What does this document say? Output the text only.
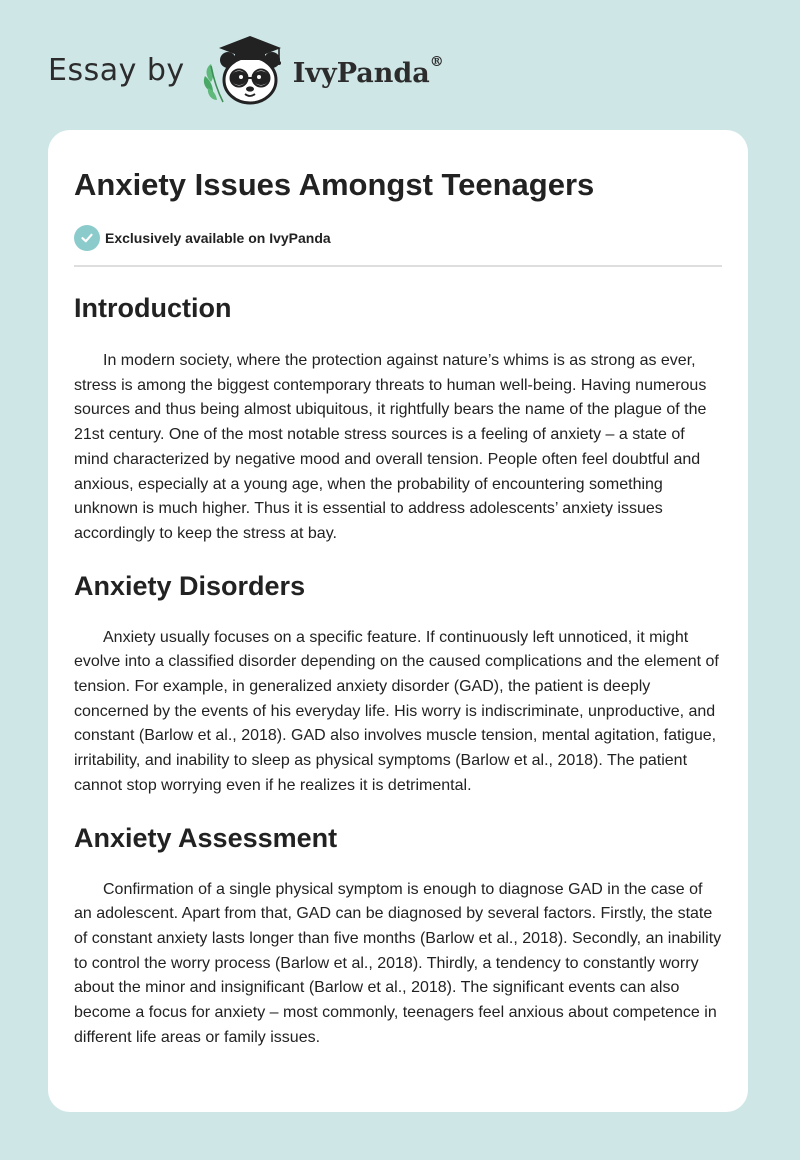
Essay by	IvyPanda®
Anxiety Issues Amongst Teenagers
Exclusively available on IvyPanda
Introduction

In modern society, where the protection against nature’s whims is as strong as ever, stress is among the biggest contemporary threats to human well-being. Having numerous sources and thus being almost ubiquitous, it rightfully bears the name of the plague of the 21st century. One of the most notable stress sources is a feeling of anxiety – a state of mind characterized by negative mood and overall tension. People often feel doubtful and anxious, especially at a young age, when the probability of encountering something unknown is much higher. Thus it is essential to address adolescents’ anxiety issues accordingly to keep the stress at bay.

Anxiety Disorders

Anxiety usually focuses on a specific feature. If continuously left unnoticed, it might evolve into a classified disorder depending on the caused complications and the element of tension. For example, in generalized anxiety disorder (GAD), the patient is deeply concerned by the events of his everyday life. His worry is indiscriminate, unproductive, and constant (Barlow et al., 2018). GAD also involves muscle tension, mental agitation, fatigue, irritability, and inability to sleep as physical symptoms (Barlow et al., 2018). The patient cannot stop worrying even if he realizes it is detrimental.

Anxiety Assessment

Confirmation of a single physical symptom is enough to diagnose GAD in the case of an adolescent. Apart from that, GAD can be diagnosed by several factors. Firstly, the state of constant anxiety lasts longer than five months (Barlow et al., 2018). Secondly, an inability to control the worry process (Barlow et al., 2018). Thirdly, a tendency to constantly worry about the minor and insignificant (Barlow et al., 2018). The significant events can also become a focus for anxiety – most commonly, teenagers feel anxious about competence in different life areas or family issues.
